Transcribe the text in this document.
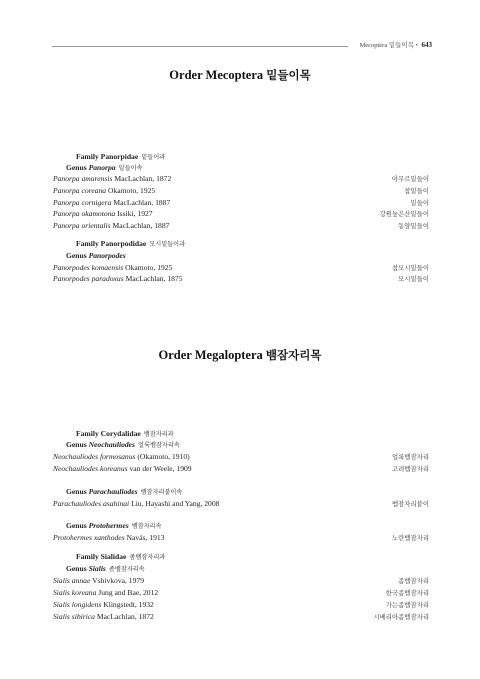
Mecoptera 밑들이목 • 643
Order Mecoptera 밑들이목
Family Panorpidae 밑들이과
Genus Panorpa 밑들이속
Panorpa amurensis MacLachlan, 1872	아무르밑들이
Panorpa coreana Okamoto, 1925	참밑들이
Panorpa cornigera MacLachlan, 1887	밑들이
Panorpa okamotona Issiki, 1927	강원높은산밑들이
Panorpa orientalis MacLachlan, 1887	동양밑들이
Family Panorpodidae 모시밑들이과
Genus Panorpodes
Panorpodes komaensis Okamoto, 1925	참모시밑들이
Panorpodes paradoxus MacLachlan, 1875	모시밑들이
Order Megaloptera 뱀잠자리목
Family Corydalidae 뱀잠자리과
Genus Neochauliodes 얼룩뱀잠자리속
Neochauliodes formosanus (Okamoto, 1910)	얼룩뱀잠자리
Neochauliodes koreanus van der Weele, 1909	고려뱀잠자리
Genus Parachauliodes 뱀잠자리붙이속
Parachauliodes asahinai Liu, Hayashi and Yang, 2008	뱀잠자리붙이
Genus Protohermes 뱀잠자리속
Protohermes xanthodes Navás, 1913	노란뱀잠자리
Family Sialidae 좀뱀잠자리과
Genus Sialis 좀뱀잠자리속
Sialis annae Vshivkova, 1979	좀뱀잠자리
Sialis koreana Jung and Bae, 2012	한국좀뱀잠자리
Sialis longidens Klingstedt, 1932	가는좀뱀잠자리
Sialis sibirica MacLachlan, 1872	시베리아좀뱀잠자리
